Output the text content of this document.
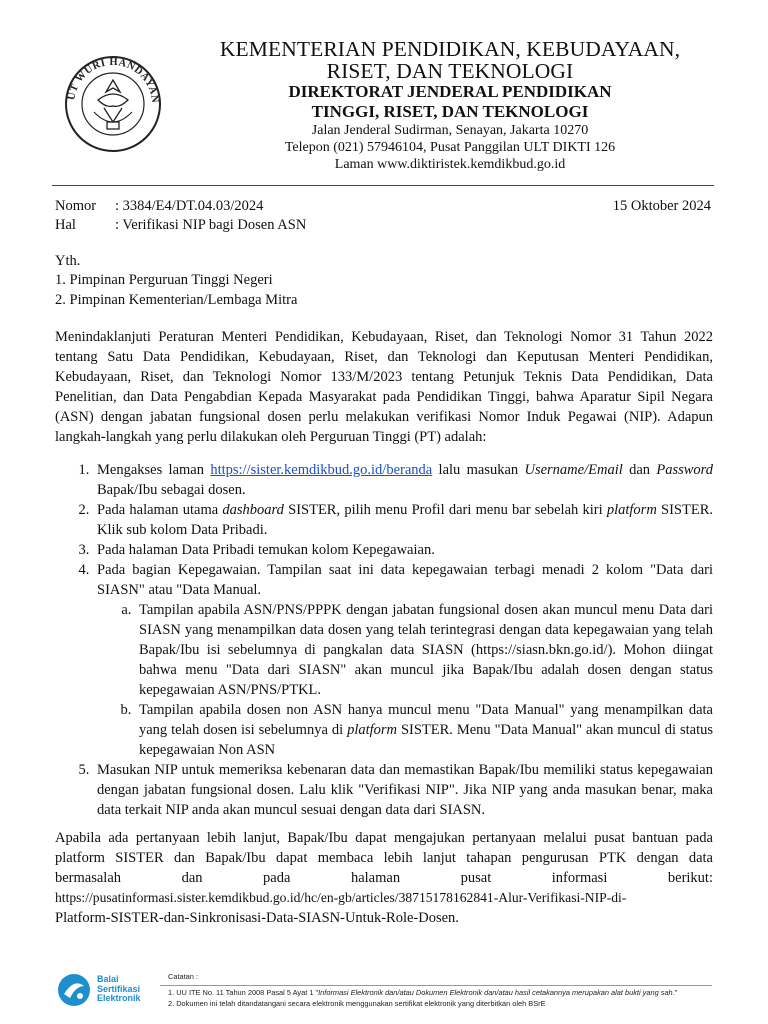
UT WURI HANDAYAN
KEMENTERIAN PENDIDIKAN, KEBUDAYAAN,
RISET, DAN TEKNOLOGI
DIREKTORAT JENDERAL PENDIDIKAN
TINGGI, RISET, DAN TEKNOLOGI
Jalan Jenderal Sudirman, Senayan, Jakarta 10270
Telepon (021) 57946104, Pusat Panggilan ULT DIKTI 126
Laman www.diktiristek.kemdikbud.go.id
Nomor : 3384/E4/DT.04.03/2024	15 Oktober 2024
Hal	: Verifikasi NIP bagi Dosen ASN
Yth.
1. Pimpinan Perguruan Tinggi Negeri
2. Pimpinan Kementerian/Lembaga Mitra
Menindaklanjuti Peraturan Menteri Pendidikan, Kebudayaan, Riset, dan Teknologi Nomor 31 Tahun 2022 tentang Satu Data Pendidikan, Kebudayaan, Riset, dan Teknologi dan Keputusan Menteri Pendidikan, Kebudayaan, Riset, dan Teknologi Nomor 133/M/2023 tentang Petunjuk Teknis Data Pendidikan, Data Penelitian, dan Data Pengabdian Kepada Masyarakat pada Pendidikan Tinggi, bahwa Aparatur Sipil Negara (ASN) dengan jabatan fungsional dosen perlu melakukan verifikasi Nomor Induk Pegawai (NIP). Adapun langkah-langkah yang perlu dilakukan oleh Perguruan Tinggi (PT) adalah:
1. Mengakses laman https://sister.kemdikbud.go.id/beranda lalu masukan Username/Email dan Password Bapak/Ibu sebagai dosen.
2. Pada halaman utama dashboard SISTER, pilih menu Profil dari menu bar sebelah kiri platform SISTER. Klik sub kolom Data Pribadi.
3. Pada halaman Data Pribadi temukan kolom Kepegawaian.
4. Pada bagian Kepegawaian. Tampilan saat ini data kepegawaian terbagi menadi 2 kolom "Data dari SIASN" atau "Data Manual.
a. Tampilan apabila ASN/PNS/PPPK dengan jabatan fungsional dosen akan muncul menu Data dari SIASN yang menampilkan data dosen yang telah terintegrasi dengan data kepegawaian yang telah Bapak/Ibu isi sebelumnya di pangkalan data SIASN (https://siasn.bkn.go.id/). Mohon diingat bahwa menu "Data dari SIASN" akan muncul jika Bapak/Ibu adalah dosen dengan status kepegawaian ASN/PNS/PTKL.
b. Tampilan apabila dosen non ASN hanya muncul menu "Data Manual" yang menampilkan data yang telah dosen isi sebelumnya di platform SISTER. Menu "Data Manual" akan muncul di status kepegawaian Non ASN
5. Masukan NIP untuk memeriksa kebenaran data dan memastikan Bapak/Ibu memiliki status kepegawaian dengan jabatan fungsional dosen. Lalu klik "Verifikasi NIP". Jika NIP yang anda masukan benar, maka data terkait NIP anda akan muncul sesuai dengan data dari SIASN.
Apabila ada pertanyaan lebih lanjut, Bapak/Ibu dapat mengajukan pertanyaan melalui pusat bantuan pada
platform SISTER dan Bapak/Ibu dapat membaca lebih lanjut tahapan pengurusan PTK dengan data
bermasalah dan pada halaman pusat informasi berikut:
https://pusatinformasi.sister.kemdikbud.go.id/hc/en-gb/articles/38715178162841-Alur-Verifikasi-NIP-di-
Platform-SISTER-dan-Sinkronisasi-Data-SIASN-Untuk-Role-Dosen.
Balai
Sertifikasi
Elektronik
Catatan :
1. UU ITE No. 11 Tahun 2008 Pasal 5 Ayat 1 "Informasi Elektronik dan/atau Dokumen Elektronik dan/atau hasil cetakannya merupakan alat bukti yang sah."
2. Dokumen ini telah ditandatangani secara elektronik menggunakan sertifikat elektronik yang diterbitkan oleh BSrE
